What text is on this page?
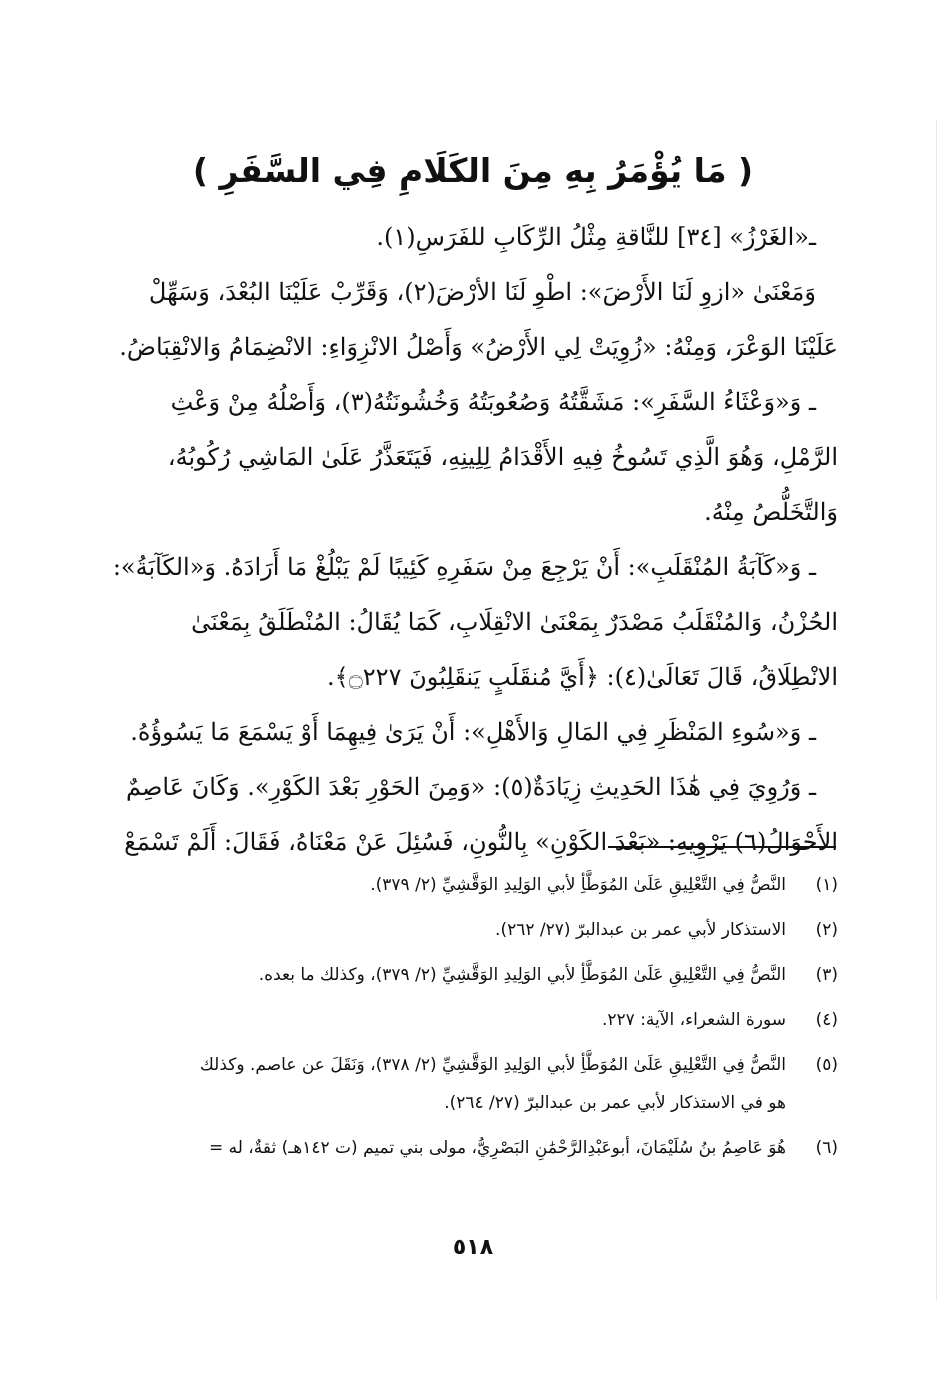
( مَا يُؤْمَرُ بِهِ مِنَ الكَلَامِ فِي السَّفَرِ )
ـ«الغَرْزُ» [٣٤] للنَّاقةِ مِثْلُ الرِّكَابِ للفَرَسِ(١).
وَمَعْنَىٰ «ازوِ لَنَا الأَرْضَ»: اطْوِ لَنَا الأرْضَ(٢)، وَقَرِّبْ عَلَيْنَا البُعْدَ، وَسَهِّلْ
عَلَيْنَا الوَعْرَ، وَمِنْهُ: «زُوِيَتْ لِي الأَرْضُ» وَأَصْلُ الانْزِوَاءِ: الانْضِمَامُ وَالانْقِبَاضُ.
ـ وَ«وَعْثَاءُ السَّفَرِ»: مَشَقَّتُهُ وَصُعُوبَتُهُ وَخُشُونَتُهُ(٣)، وَأَصْلُهُ مِنْ وَعْثِ
الرَّمْلِ، وَهُوَ الَّذِي تَسُوخُ فِيهِ الأَقْدَامُ لِلِينِهِ، فَيَتَعَذَّرُ عَلَىٰ المَاشِي رُكُوبُهُ،
وَالتَّخَلُّصُ مِنْهُ.
ـ وَ«كَآبَةُ المُنْقَلَبِ»: أَنْ يَرْجِعَ مِنْ سَفَرِهِ كَئِيبًا لَمْ يَبْلُغْ مَا أَرَادَهُ. وَ«الكَآبَةُ»:
الحُزْنُ، وَالمُنْقَلَبُ مَصْدَرٌ بِمَعْنَىٰ الانْقِلَابِ، كَمَا يُقَالُ: المُنْطَلَقُ بِمَعْنَىٰ
الانْطِلَاقُ، قَالَ تَعَالَىٰ(٤): ﴿أَيَّ مُنقَلَبٍ يَنقَلِبُونَ ۝٢٢٧﴾.
ـ وَ«سُوءِ المَنْظَرِ فِي المَالِ وَالأَهْلِ»: أَنْ يَرَىٰ فِيهِمَا أَوْ يَسْمَعَ مَا يَسُوؤُهُ.
ـ وَرُوِيَ فِي هَٰذَا الحَدِيثِ زِيَادَةٌ(٥): «وَمِنَ الحَوْرِ بَعْدَ الكَوْرِ». وَكَانَ عَاصِمٌ
الأَحْوَالُ(٦) يَرْوِيهِ: «بَعْدَ الكَوْنِ» بِالنُّونِ، فَسُئِلَ عَنْ مَعْنَاهُ، فَقَالَ: أَلَمْ تَسْمَعْ
(١)
النَّصُّ فِي التَّعْلِيقِ عَلَىٰ المُوَطَّأِ لأبي الوَلِيدِ الوَقَّشِيِّ (٢/ ٣٧٩).
(٢)
الاستذكار لأبي عمر بن عبدالبرّ (٢٧/ ٢٦٢).
(٣)
النَّصُّ فِي التَّعْلِيقِ عَلَىٰ المُوَطَّأِ لأبي الوَلِيدِ الوَقَّشِيِّ (٢/ ٣٧٩)، وكذلك ما بعده.
(٤)
سورة الشعراء، الآية: ٢٢٧.
(٥)
النَّصُّ فِي التَّعْلِيقِ عَلَىٰ المُوَطَّأِ لأبي الوَلِيدِ الوَقَّشِيِّ (٢/ ٣٧٨)، وَنَقَلَ عن عاصم. وكذلك
هو في الاستذكار لأبي عمر بن عبدالبرّ (٢٧/ ٢٦٤).
(٦)
هُوَ عَاصِمُ بنُ سُلَيْمَانَ، أبوعَبْدِالرَّحْمَٰنِ البَصْرِيُّ، مولى بني تميم (ت ١٤٢هـ) ثقةٌ، له =
٥١٨
